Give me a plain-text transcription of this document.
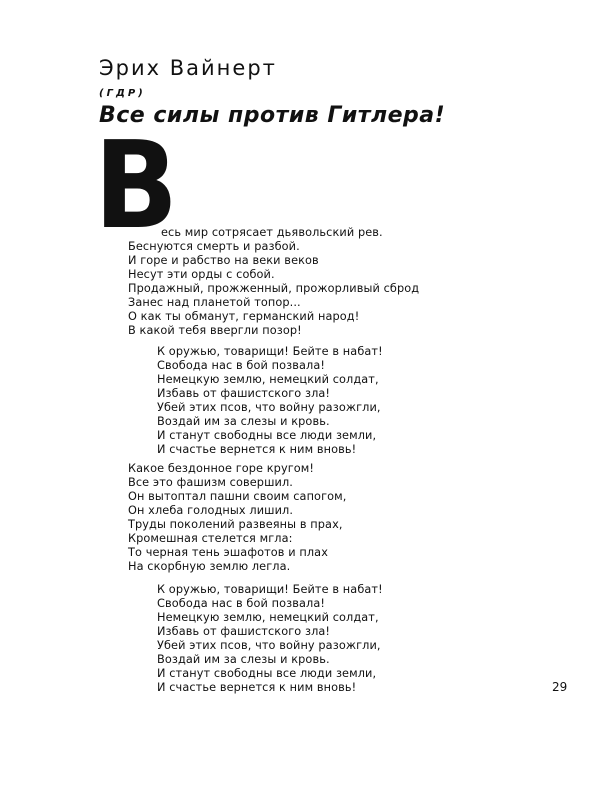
Эрих Вайнерт
(ГДР)
Все силы против Гитлера!
В
есь мир сотрясает дьявольский рев.
Беснуются смерть и разбой.
И горе и рабство на веки веков
Несут эти орды с собой.
Продажный, прожженный, прожорливый сброд
Занес над планетой топор...
О как ты обманут, германский народ!
В какой тебя ввергли позор!
К оружью, товарищи! Бейте в набат!
Свобода нас в бой позвала!
Немецкую землю, немецкий солдат,
Избавь от фашистского зла!
Убей этих псов, что войну разожгли,
Воздай им за слезы и кровь.
И станут свободны все люди земли,
И счастье вернется к ним вновь!
Какое бездонное горе кругом!
Все это фашизм совершил.
Он вытоптал пашни своим сапогом,
Он хлеба голодных лишил.
Труды поколений развеяны в прах,
Кромешная стелется мгла:
То черная тень эшафотов и плах
На скорбную землю легла.
К оружью, товарищи! Бейте в набат!
Свобода нас в бой позвала!
Немецкую землю, немецкий солдат,
Избавь от фашистского зла!
Убей этих псов, что войну разожгли,
Воздай им за слезы и кровь.
И станут свободны все люди земли,
И счастье вернется к ним вновь!	29
